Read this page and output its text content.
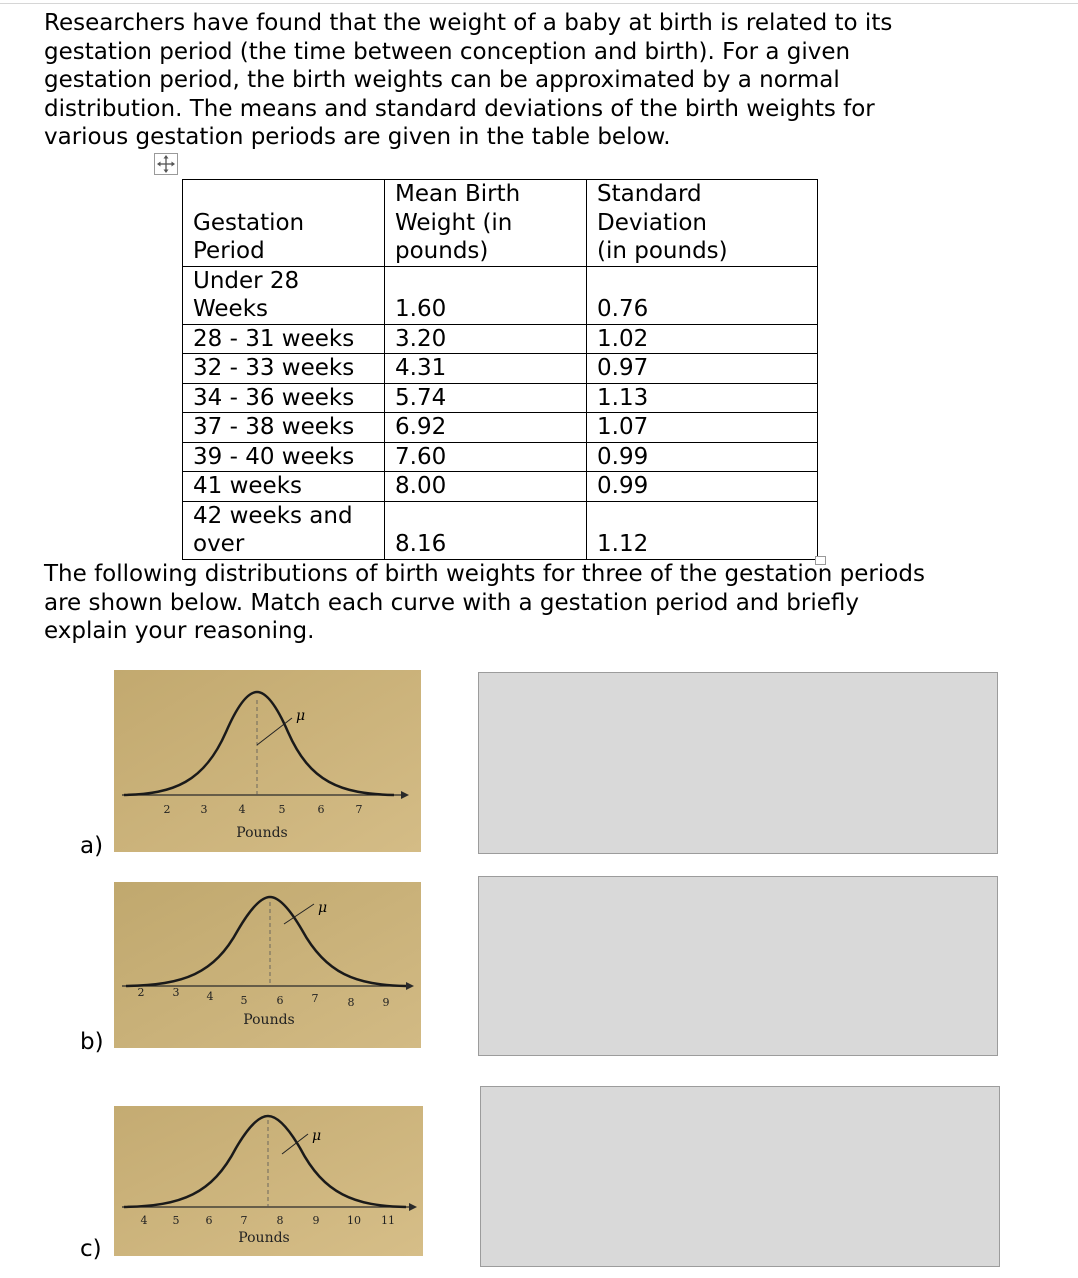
Researchers have found that the weight of a baby at birth is related to its
gestation period (the time between conception and birth). For a given
gestation period, the birth weights can be approximated by a normal
distribution. The means and standard deviations of the birth weights for
various gestation periods are given in the table below.

Gestation
Period	Mean Birth
Weight (in
pounds)	Standard
Deviation
(in pounds)
Under 28
Weeks	1.60	0.76
28 - 31 weeks	3.20	1.02
32 - 33 weeks	4.31	0.97
34 - 36 weeks	5.74	1.13
37 - 38 weeks	6.92	1.07
39 - 40 weeks	7.60	0.99
41 weeks	8.00	0.99
42 weeks and
over	8.16	1.12

The following distributions of birth weights for three of the gestation periods
are shown below. Match each curve with a gestation period and briefly
explain your reasoning.

a)
μ
2	3	4	5	6	7
Pounds
b)
μ
2	3 4 5	6	7	8	9
Pounds
c)
μ
4 5 6	7	8	9	10 11
Pounds
